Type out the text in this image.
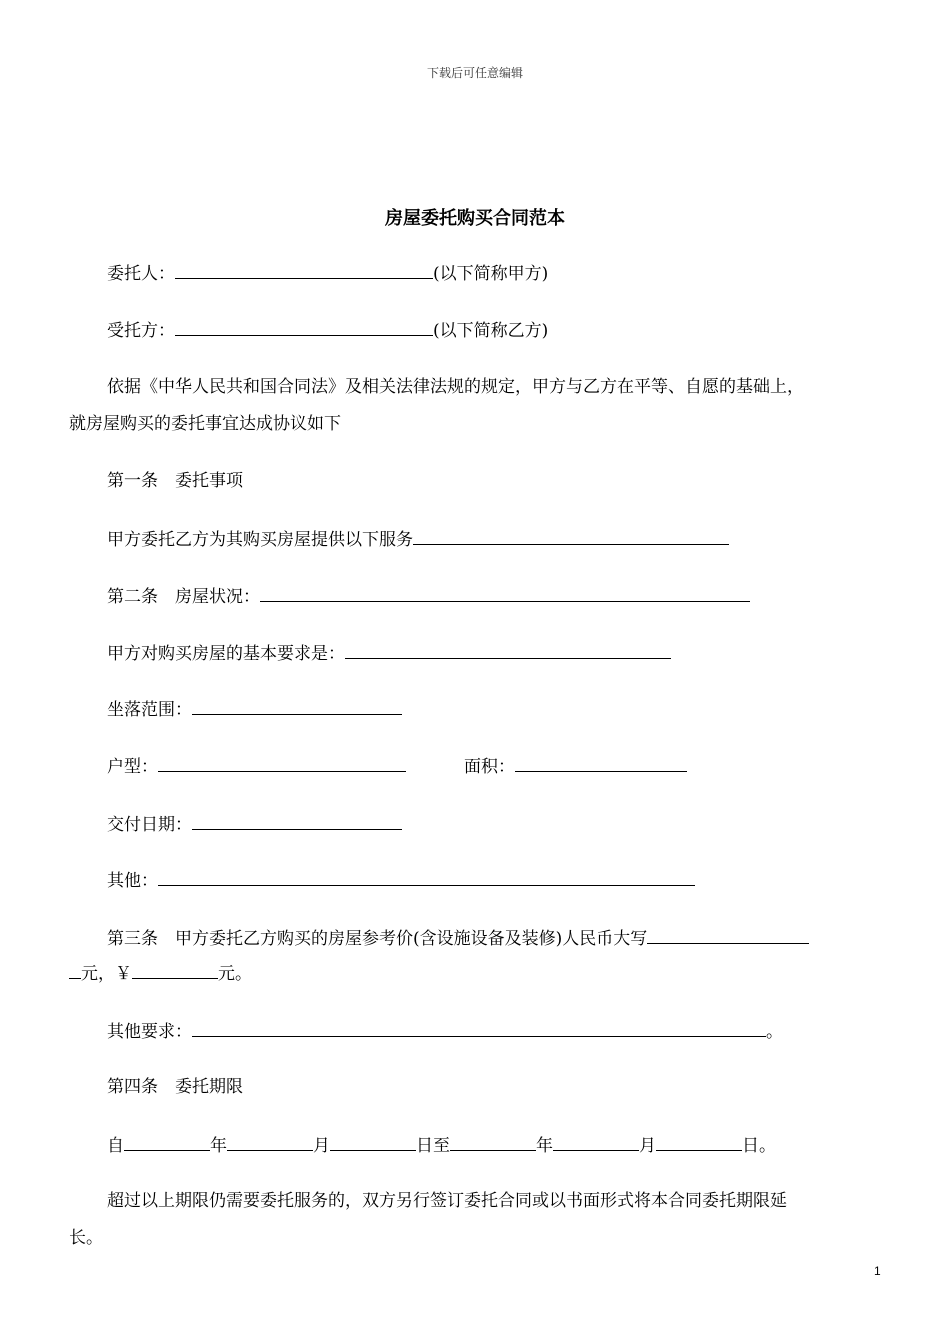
下载后可任意编辑
房屋委托购买合同范本
委托人：	(以下简称甲方)
受托方：	(以下简称乙方)
依据《中华人民共和国合同法》及相关法律法规的规定，甲方与乙方在平等、自愿的基础上，
就房屋购买的委托事宜达成协议如下
第一条　委托事项
甲方委托乙方为其购买房屋提供以下服务
第二条　房屋状况：
甲方对购买房屋的基本要求是：
坐落范围：
户型：	面积：
交付日期：
其他：
第三条　甲方委托乙方购买的房屋参考价(含设施设备及装修)人民币大写
元，￥	元。
其他要求：	。
第四条　委托期限
自	年	月	日至	年	月	日。
超过以上期限仍需要委托服务的，双方另行签订委托合同或以书面形式将本合同委托期限延
长。
1
